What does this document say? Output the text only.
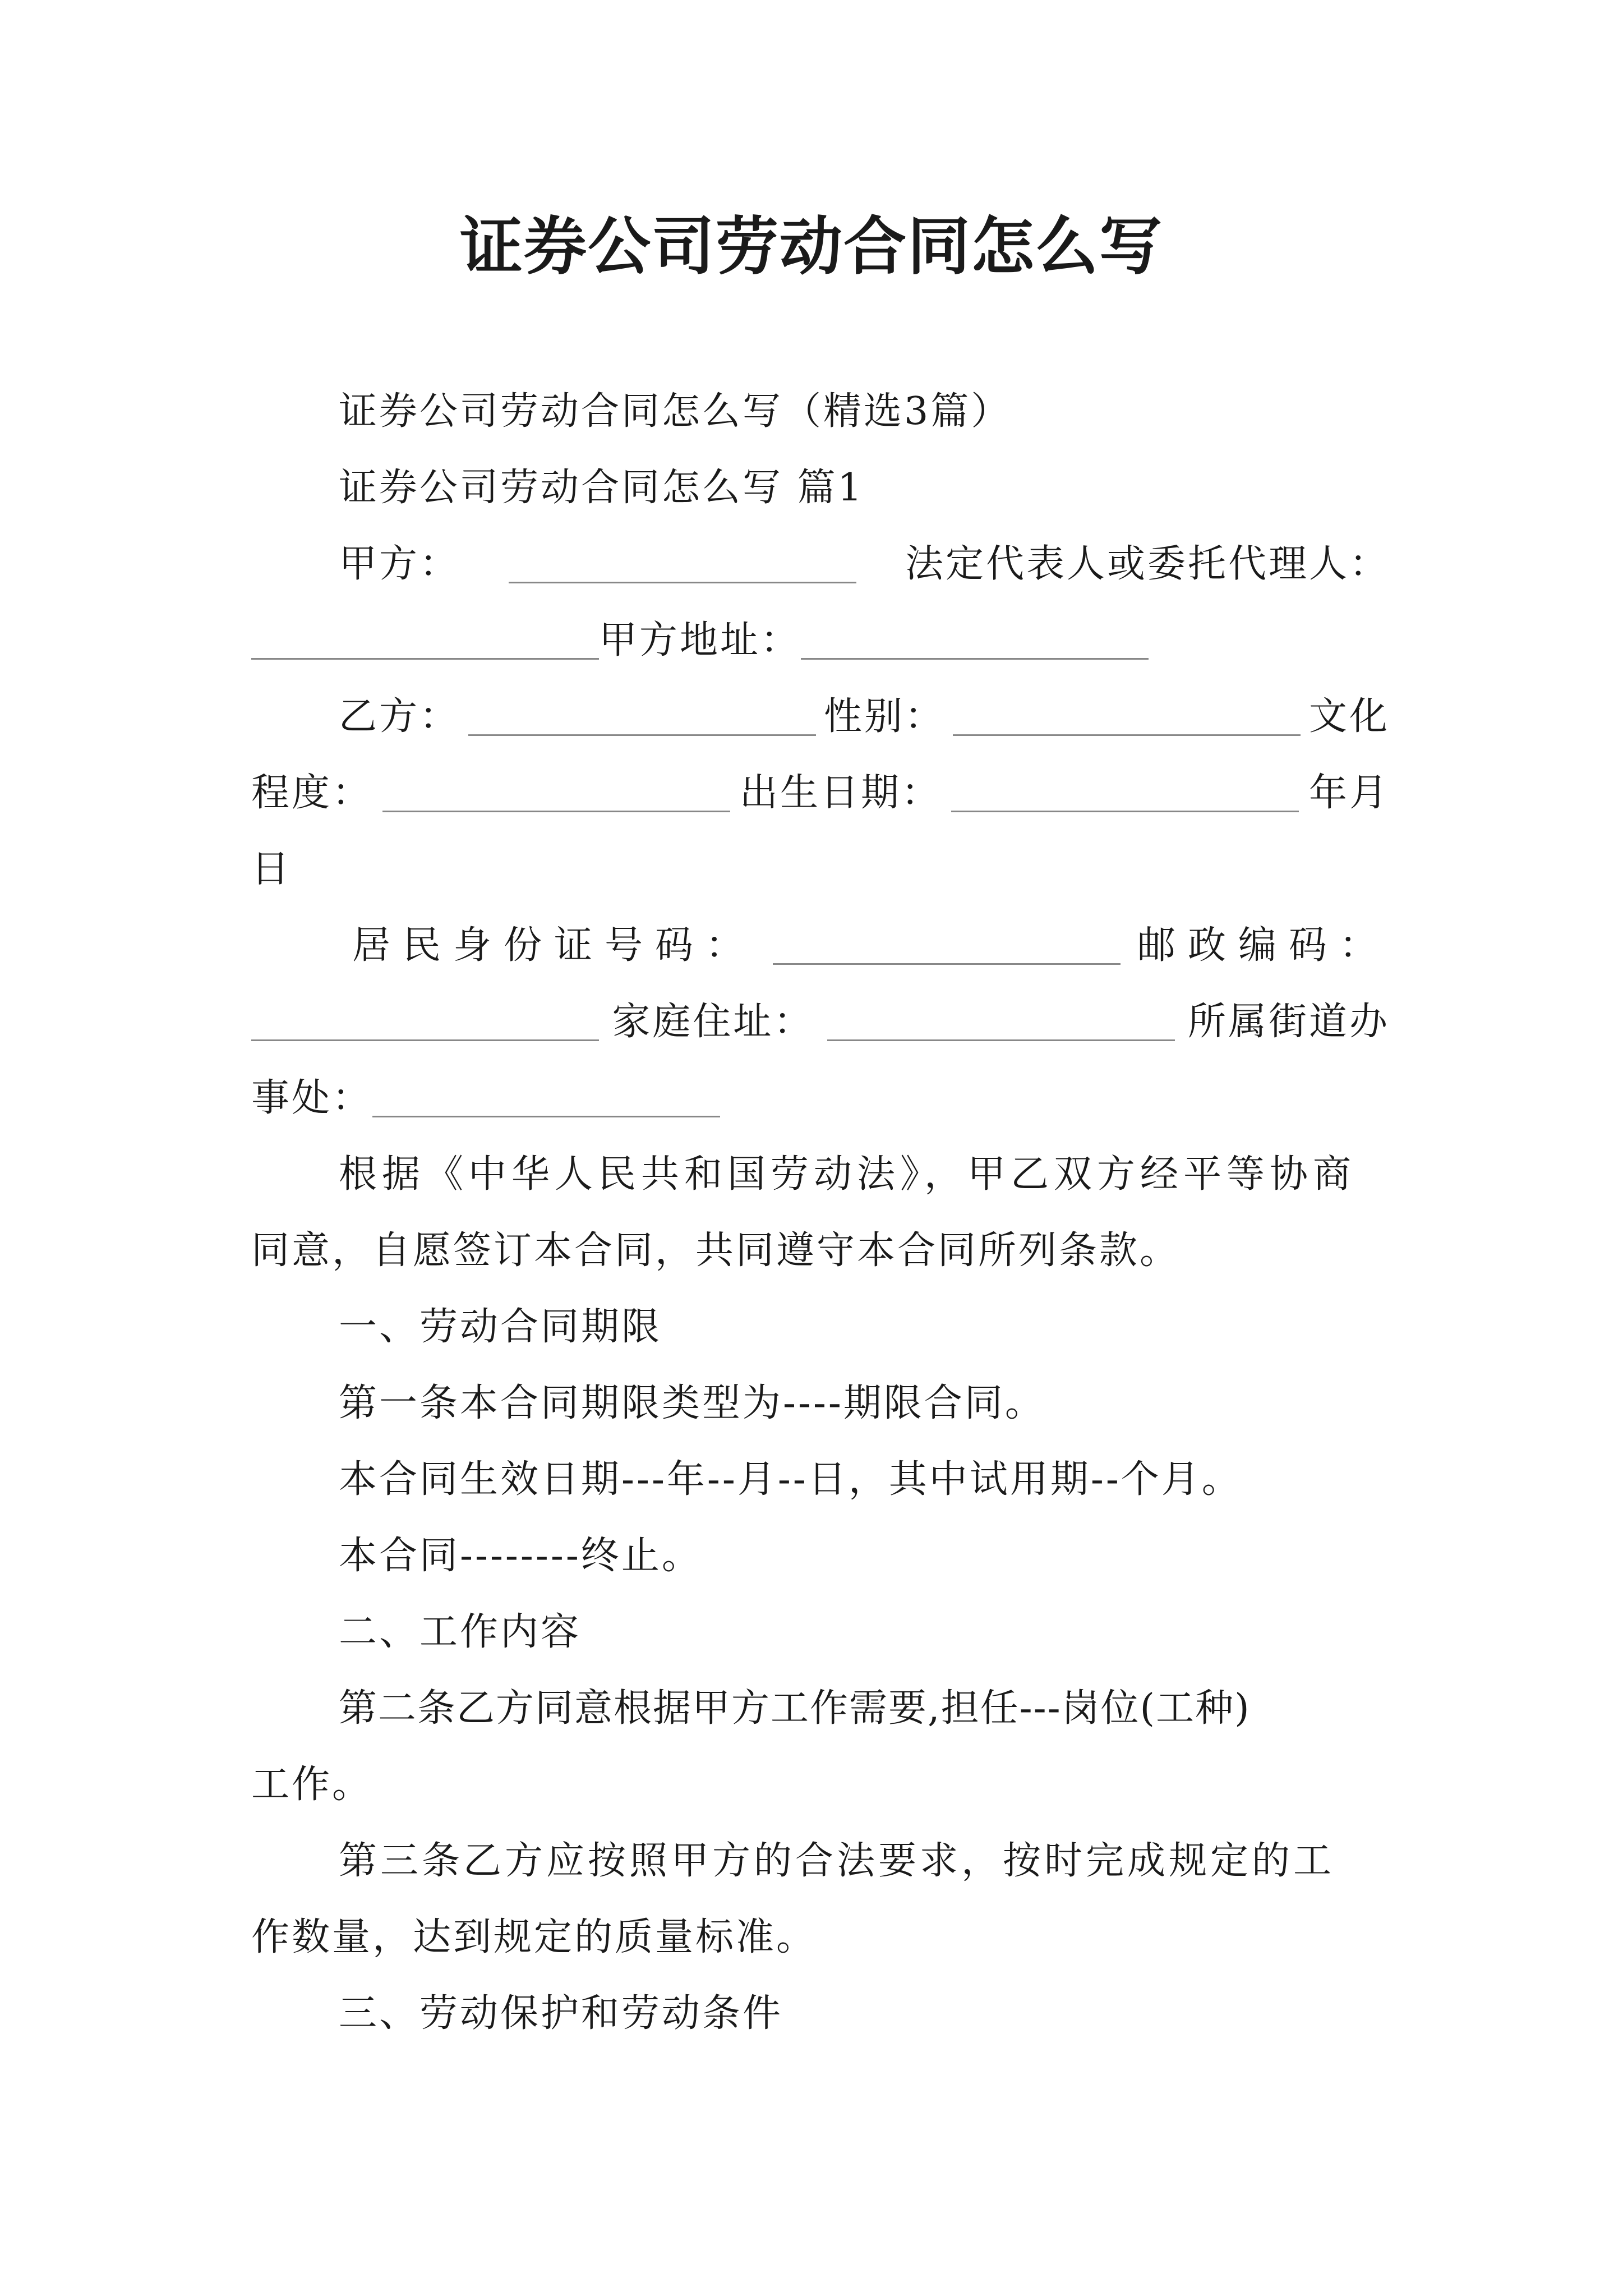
证券公司劳动合同怎么写
证券公司劳动合同怎么写（精选3篇）
证券公司劳动合同怎么写 篇1
甲方：	法定代表人或委托代理人：
甲方地址：
乙方：	性别：	文化
程度：	出生日期：	年月
日
居民身份证号码：	邮政编码：
家庭住址：	所属街道办
事处：
根据《中华人民共和国劳动法》，甲乙双方经平等协商
同意，自愿签订本合同，共同遵守本合同所列条款。
一、劳动合同期限
第一条本合同期限类型为----期限合同。
本合同生效日期---年--月--日，其中试用期--个月。
本合同--------终止。
二、工作内容
第二条乙方同意根据甲方工作需要,担任---岗位(工种)
工作。
第三条乙方应按照甲方的合法要求，按时完成规定的工
作数量，达到规定的质量标准。
三、劳动保护和劳动条件
